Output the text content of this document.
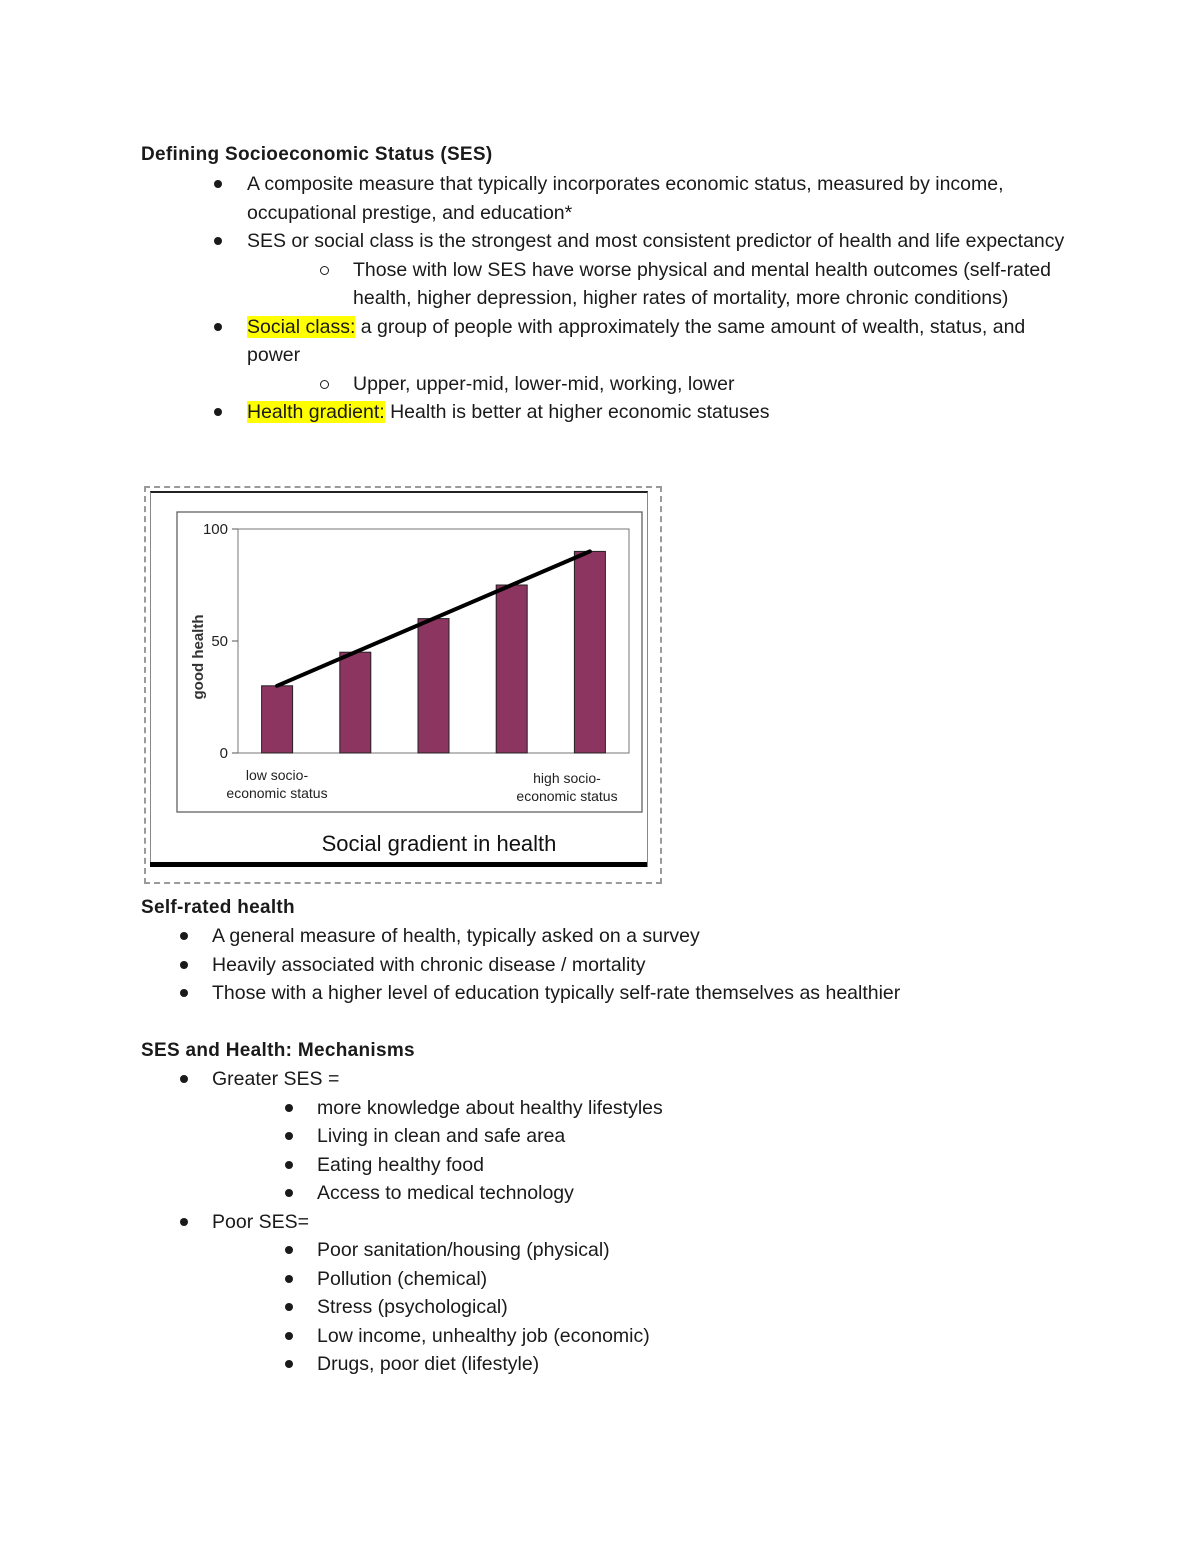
Defining Socioeconomic Status (SES)
A composite measure that typically incorporates economic status, measured by income, occupational prestige, and education*
SES or social class is the strongest and most consistent predictor of health and life expectancy
Those with low SES have worse physical and mental health outcomes (self-rated health, higher depression, higher rates of mortality, more chronic conditions)
Social class: a group of people with approximately the same amount of wealth, status, and power
Upper, upper-mid, lower-mid, working, lower
Health gradient: Health is better at higher economic statuses
0
50
100
good health
low socio-economic status
high socio-economic status
Social gradient in health
Self-rated health
A general measure of health, typically asked on a survey
Heavily associated with chronic disease / mortality
Those with a higher level of education typically self-rate themselves as healthier
SES and Health: Mechanisms
Greater SES =
more knowledge about healthy lifestyles
Living in clean and safe area
Eating healthy food
Access to medical technology
Poor SES=
Poor sanitation/housing (physical)
Pollution (chemical)
Stress (psychological)
Low income, unhealthy job (economic)
Drugs, poor diet (lifestyle)
